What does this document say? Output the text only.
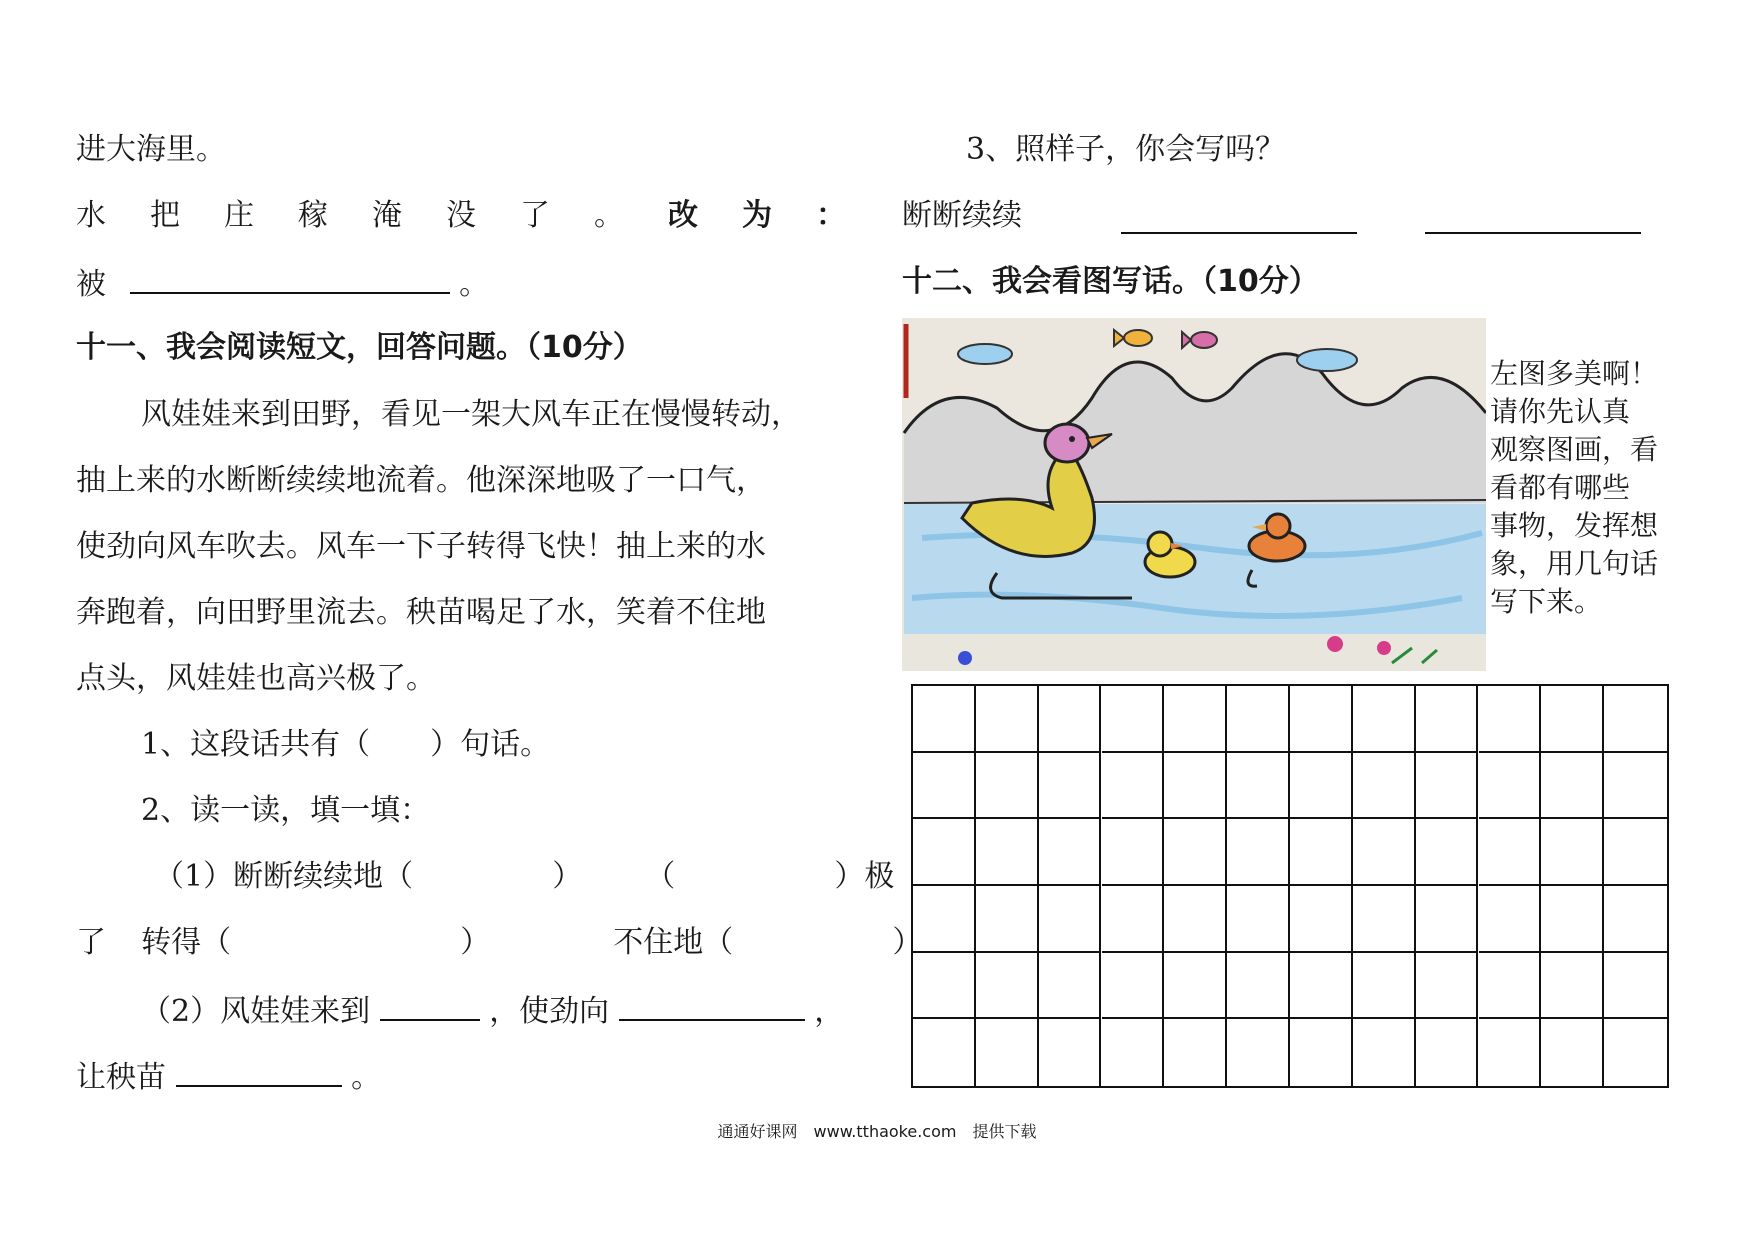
进大海里。
水 把 庄 稼 淹 没 了 。 改 为 ：
被	。
十一、我会阅读短文，回答问题。（10分）
风娃娃来到田野，看见一架大风车正在慢慢转动，
抽上来的水断断续续地流着。他深深地吸了一口气，
使劲向风车吹去。风车一下子转得飞快！抽上来的水
奔跑着，向田野里流去。秧苗喝足了水，笑着不住地
点头，风娃娃也高兴极了。
1、这段话共有（　　）句话。
2、读一读，填一填：
（1）断断续续地（	） （	）极
了 转得（	）	不住地（	）
（2）风娃娃来到	，使劲向	，
让秧苗	。
3、照样子，你会写吗？
断断续续
十二、我会看图写话。（10分）
左图多美啊！
请你先认真
观察图画，看
看都有哪些
事物，发挥想
象，用几句话
写下来。
通通好课网　www.tthaoke.com　提供下载
